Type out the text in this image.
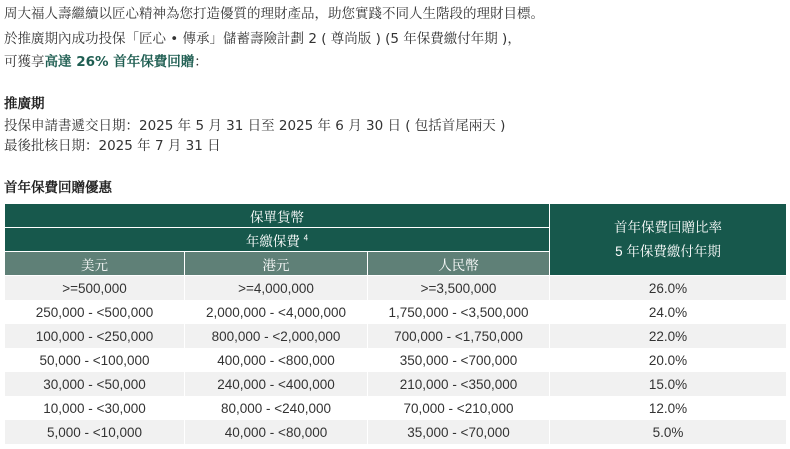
周大福人壽繼續以匠心精神為您打造優質的理財產品，助您實踐不同人生階段的理財目標。
於推廣期內成功投保「匠心 • 傳承」儲蓄壽險計劃 2 ( 尊尚版 ) (5 年保費繳付年期 )，
可獲享高達 26% 首年保費回贈：
推廣期
投保申請書遞交日期：2025 年 5 月 31 日至 2025 年 6 月 30 日 ( 包括首尾兩天 )
最後批核日期：2025 年 7 月 31 日
首年保費回贈優惠
保單貨幣			首年保費回贈比率
5 年保費繳付年期

年繳保費 $^4$
美元	港元	人民幣	
>=500,000	>=4,000,000	>=3,500,000	26.0%
250,000 - <500,000	2,000,000 - <4,000,000	1,750,000 - <3,500,000	24.0%
100,000 - <250,000	800,000 - <2,000,000	700,000 - <1,750,000	22.0%
50,000 - <100,000	400,000 - <800,000	350,000 - <700,000	20.0%
30,000 - <50,000	240,000 - <400,000	210,000 - <350,000	15.0%
10,000 - <30,000	80,000 - <240,000	70,000 - <210,000	12.0%
5,000 - <10,000	40,000 - <80,000	35,000 - <70,000	5.0%
